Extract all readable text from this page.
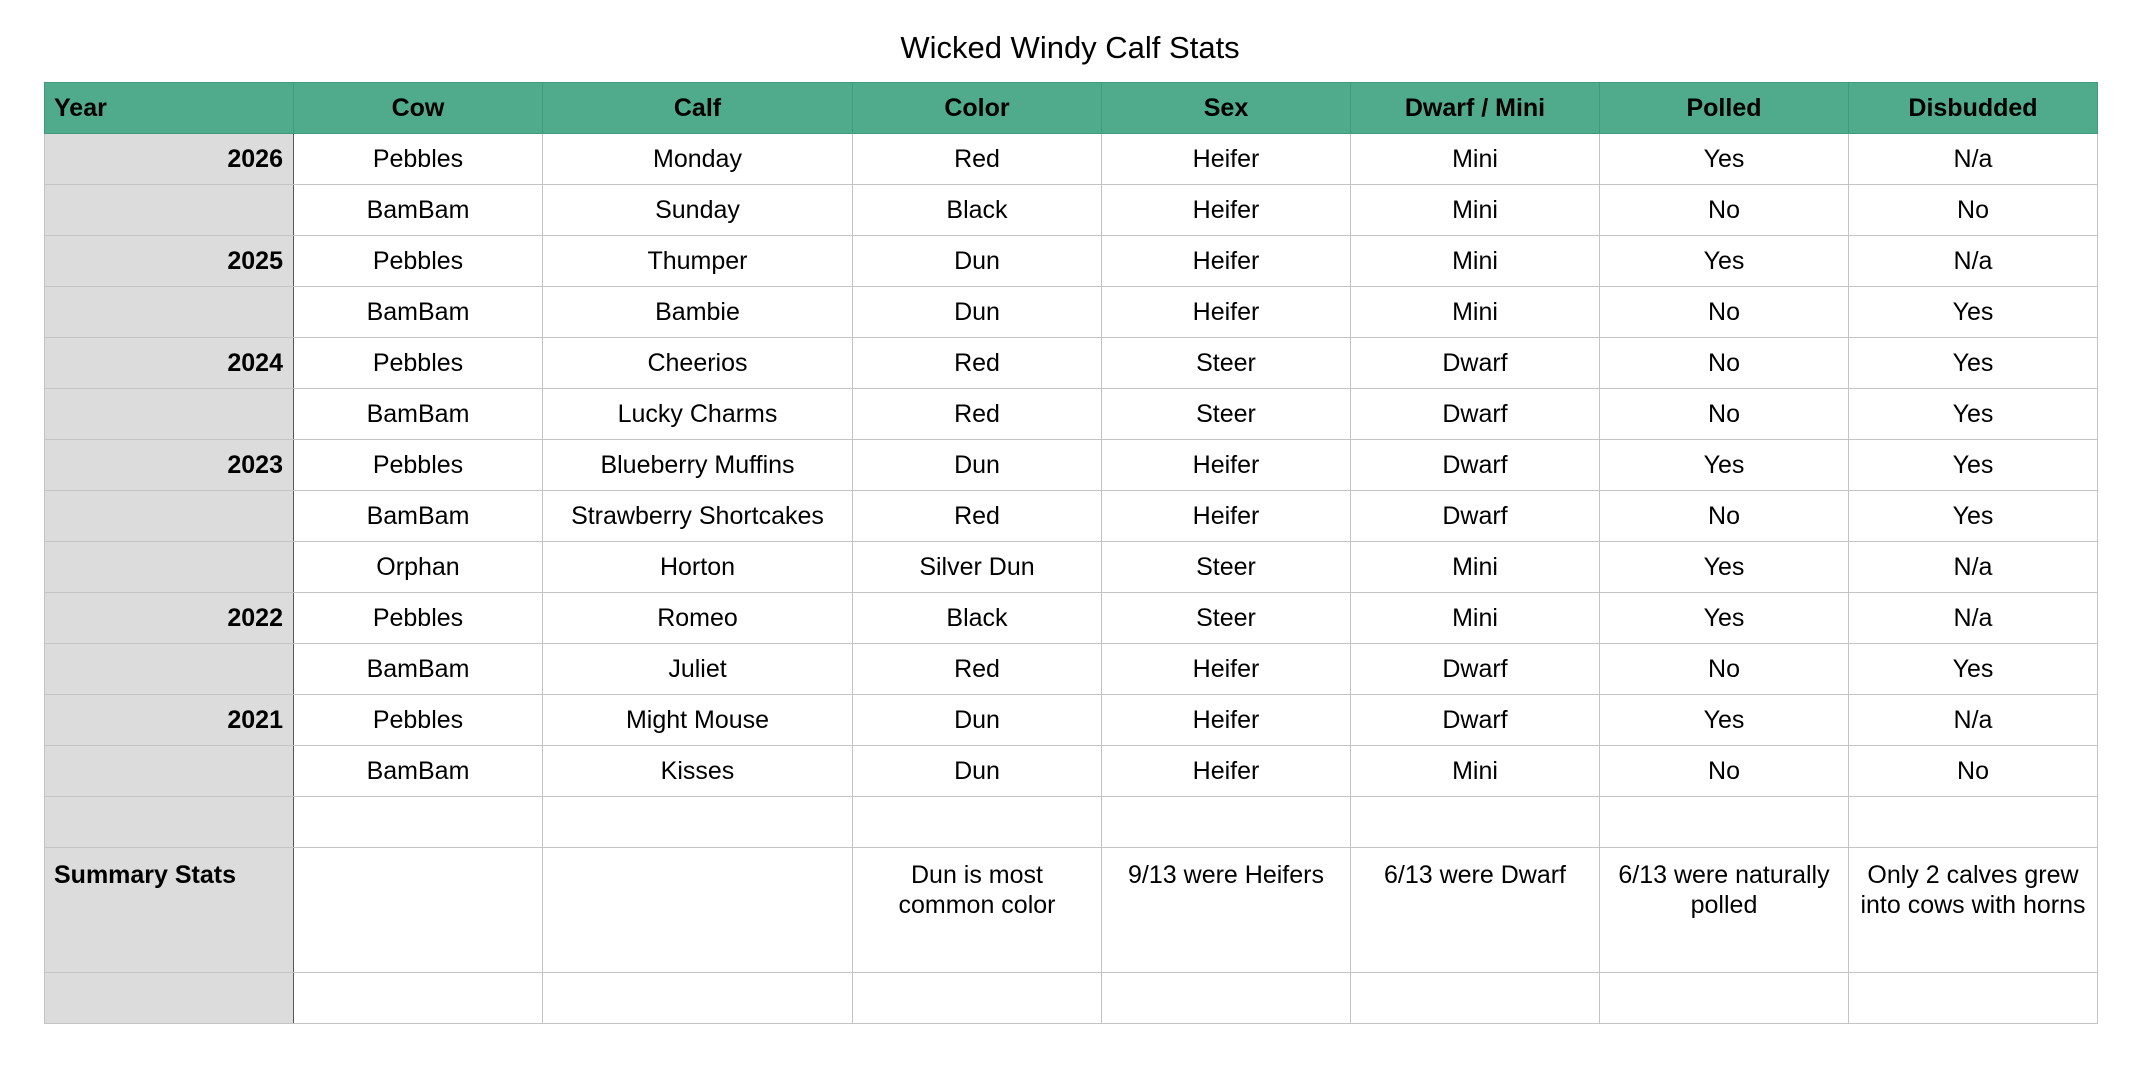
Wicked Windy Calf Stats
Year	Cow	Calf	Color	Sex	Dwarf / Mini	Polled	Disbudded
2026	Pebbles	Monday	Red	Heifer	Mini	Yes	N/a
	BamBam	Sunday	Black	Heifer	Mini	No	No
2025	Pebbles	Thumper	Dun	Heifer	Mini	Yes	N/a
	BamBam	Bambie	Dun	Heifer	Mini	No	Yes
2024	Pebbles	Cheerios	Red	Steer	Dwarf	No	Yes
	BamBam	Lucky Charms	Red	Steer	Dwarf	No	Yes
2023	Pebbles	Blueberry Muffins	Dun	Heifer	Dwarf	Yes	Yes
	BamBam	Strawberry Shortcakes	Red	Heifer	Dwarf	No	Yes
	Orphan	Horton	Silver Dun	Steer	Mini	Yes	N/a
2022	Pebbles	Romeo	Black	Steer	Mini	Yes	N/a
	BamBam	Juliet	Red	Heifer	Dwarf	No	Yes
2021	Pebbles	Might Mouse	Dun	Heifer	Dwarf	Yes	N/a
	BamBam	Kisses	Dun	Heifer	Mini	No	No

Summary Stats			Dun is most common color	9/13 were Heifers	6/13 were Dwarf	6/13 were naturally polled	Only 2 calves grew into cows with horns
